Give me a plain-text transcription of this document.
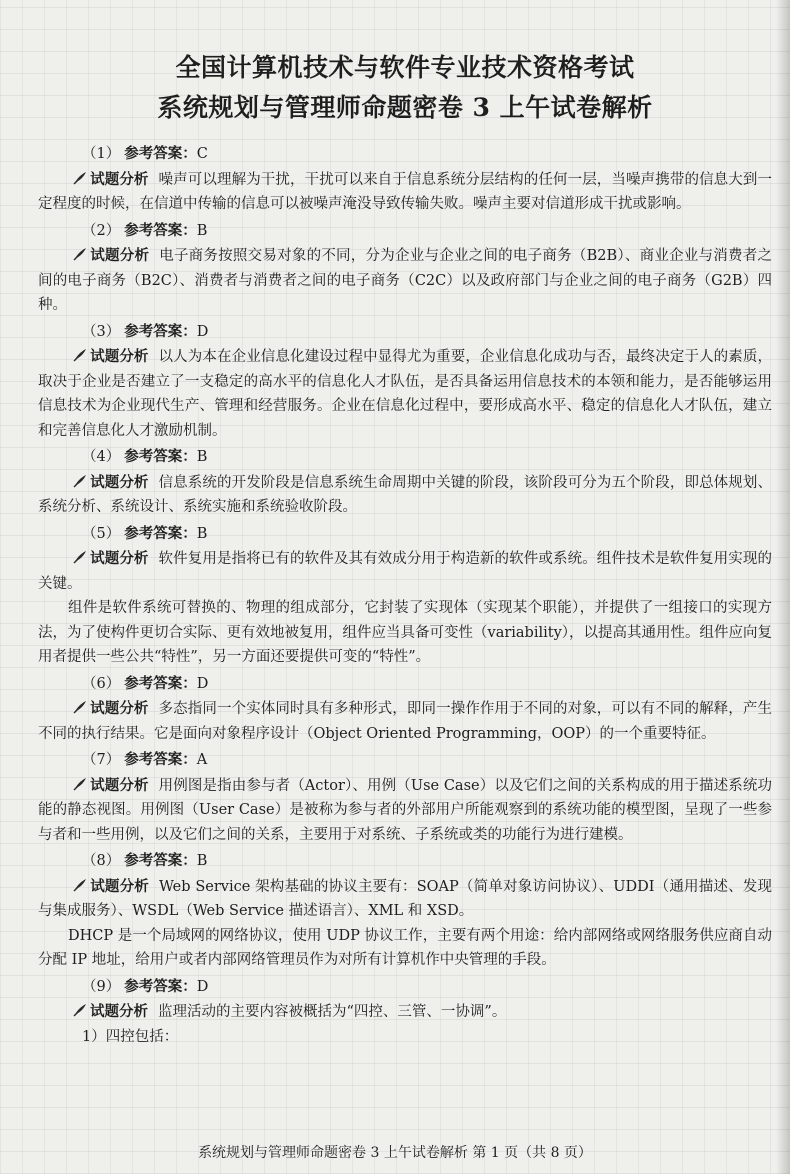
全国计算机技术与软件专业技术资格考试
系统规划与管理师命题密卷 3 上午试卷解析
（1） 参考答案：C

试题分析 噪声可以理解为干扰，干扰可以来自于信息系统分层结构的任何一层，当噪声携带的信息大到一定程度的时候，在信道中传输的信息可以被噪声淹没导致传输失败。噪声主要对信道形成干扰或影响。

（2） 参考答案：B

试题分析 电子商务按照交易对象的不同，分为企业与企业之间的电子商务（B2B）、商业企业与消费者之间的电子商务（B2C）、消费者与消费者之间的电子商务（C2C）以及政府部门与企业之间的电子商务（G2B）四种。

（3） 参考答案：D

试题分析 以人为本在企业信息化建设过程中显得尤为重要，企业信息化成功与否，最终决定于人的素质，取决于企业是否建立了一支稳定的高水平的信息化人才队伍，是否具备运用信息技术的本领和能力，是否能够运用信息技术为企业现代生产、管理和经营服务。企业在信息化过程中，要形成高水平、稳定的信息化人才队伍，建立和完善信息化人才激励机制。

（4） 参考答案：B

试题分析 信息系统的开发阶段是信息系统生命周期中关键的阶段，该阶段可分为五个阶段，即总体规划、系统分析、系统设计、系统实施和系统验收阶段。

（5） 参考答案：B

试题分析 软件复用是指将已有的软件及其有效成分用于构造新的软件或系统。组件技术是软件复用实现的关键。

组件是软件系统可替换的、物理的组成部分，它封装了实现体（实现某个职能），并提供了一组接口的实现方法，为了使构件更切合实际、更有效地被复用，组件应当具备可变性（variability），以提高其通用性。组件应向复用者提供一些公共“特性”，另一方面还要提供可变的“特性”。

（6） 参考答案：D

试题分析 多态指同一个实体同时具有多种形式，即同一操作作用于不同的对象，可以有不同的解释，产生不同的执行结果。它是面向对象程序设计（Object Oriented Programming，OOP）的一个重要特征。

（7） 参考答案：A

试题分析 用例图是指由参与者（Actor）、用例（Use Case）以及它们之间的关系构成的用于描述系统功能的静态视图。用例图（User Case）是被称为参与者的外部用户所能观察到的系统功能的模型图，呈现了一些参与者和一些用例，以及它们之间的关系，主要用于对系统、子系统或类的功能行为进行建模。

（8） 参考答案：B

试题分析 Web Service 架构基础的协议主要有：SOAP（简单对象访问协议）、UDDI（通用描述、发现与集成服务）、WSDL（Web Service 描述语言）、XML 和 XSD。

DHCP 是一个局域网的网络协议，使用 UDP 协议工作，主要有两个用途：给内部网络或网络服务供应商自动分配 IP 地址，给用户或者内部网络管理员作为对所有计算机作中央管理的手段。

（9） 参考答案：D

试题分析 监理活动的主要内容被概括为“四控、三管、一协调”。

1）四控包括：

系统规划与管理师命题密卷 3 上午试卷解析 第 1 页（共 8 页）
